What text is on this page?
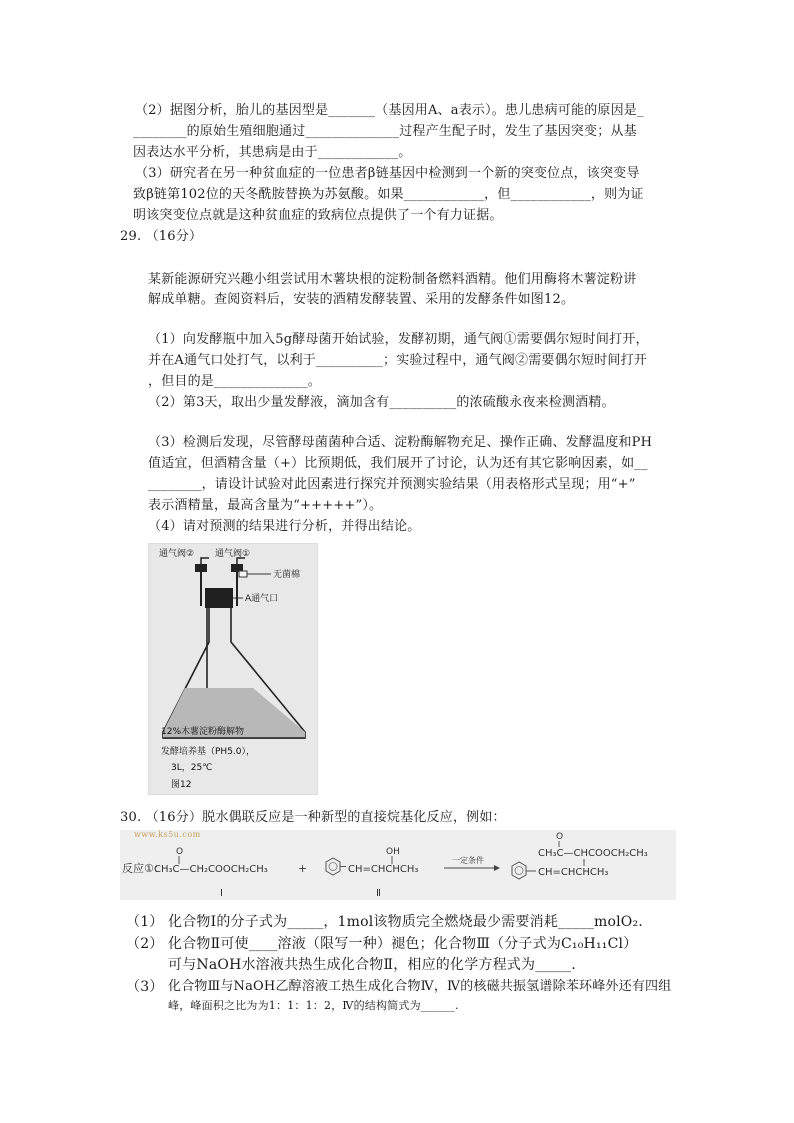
（2）据图分析，胎儿的基因型是_______（基因用A、a表示）。患儿患病可能的原因是_
________的原始生殖细胞通过______________过程产生配子时，发生了基因突变；从基
因表达水平分析，其患病是由于____________。
（3）研究者在另一种贫血症的一位患者β链基因中检测到一个新的突变位点，该突变导
致β链第102位的天冬酰胺替换为苏氨酸。如果____________，但____________，则为证
明该突变位点就是这种贫血症的致病位点提供了一个有力证据。
29. （16分）
某新能源研究兴趣小组尝试用木薯块根的淀粉制备燃料酒精。他们用酶将木薯淀粉讲
解成单糖。查阅资料后，安装的酒精发酵装置、采用的发酵条件如图12。
（1）向发酵瓶中加入5g酵母菌开始试验，发酵初期，通气阀①需要偶尔短时间打开，
并在A通气口处打气，以利于__________；实验过程中，通气阀②需要偶尔短时间打开
，但目的是______________。
（2）第3天，取出少量发酵液，滴加含有__________的浓硫酸永夜来检测酒精。
（3）检测后发现，尽管酵母菌菌种合适、淀粉酶解物充足、操作正确、发酵温度和PH
值适宜，但酒精含量（+）比预期低，我们展开了讨论，认为还有其它影响因素，如__
________，请设计试验对此因素进行探究并预测实验结果（用表格形式呈现；用“+”
表示酒精量，最高含量为“+++++”）。
（4）请对预测的结果进行分析，并得出结论。
通气阀② 通气阀①
无菌棉
A通气口
12%木薯淀粉酶解物
发酵培养基（PH5.0），
3L，25℃
图12
30. （16分）脱水偶联反应是一种新型的直接烷基化反应，例如：
www.ks5u.com
反应①：
O
CH₃C—CH₂COOCH₂CH₃
Ⅰ
+
OH
CH=CHCHCH₃
Ⅱ
一定条件
O
CH₃C—CHCOOCH₂CH₃
CH=CHCHCH₃
（1） 化合物Ⅰ的分子式为_____，1mol该物质完全燃烧最少需要消耗_____molO₂.
（2） 化合物Ⅱ可使____溶液（限写一种）褪色；化合物Ⅲ（分子式为C₁₀H₁₁Cl）
可与NaOH水溶液共热生成化合物Ⅱ，相应的化学方程式为_____.
（3） 化合物Ⅲ与NaOH乙醇溶液工热生成化合物Ⅳ，Ⅳ的核磁共振氢谱除苯环峰外还有四组
峰，峰面积之比为为1：1：1：2，Ⅳ的结构简式为______.
